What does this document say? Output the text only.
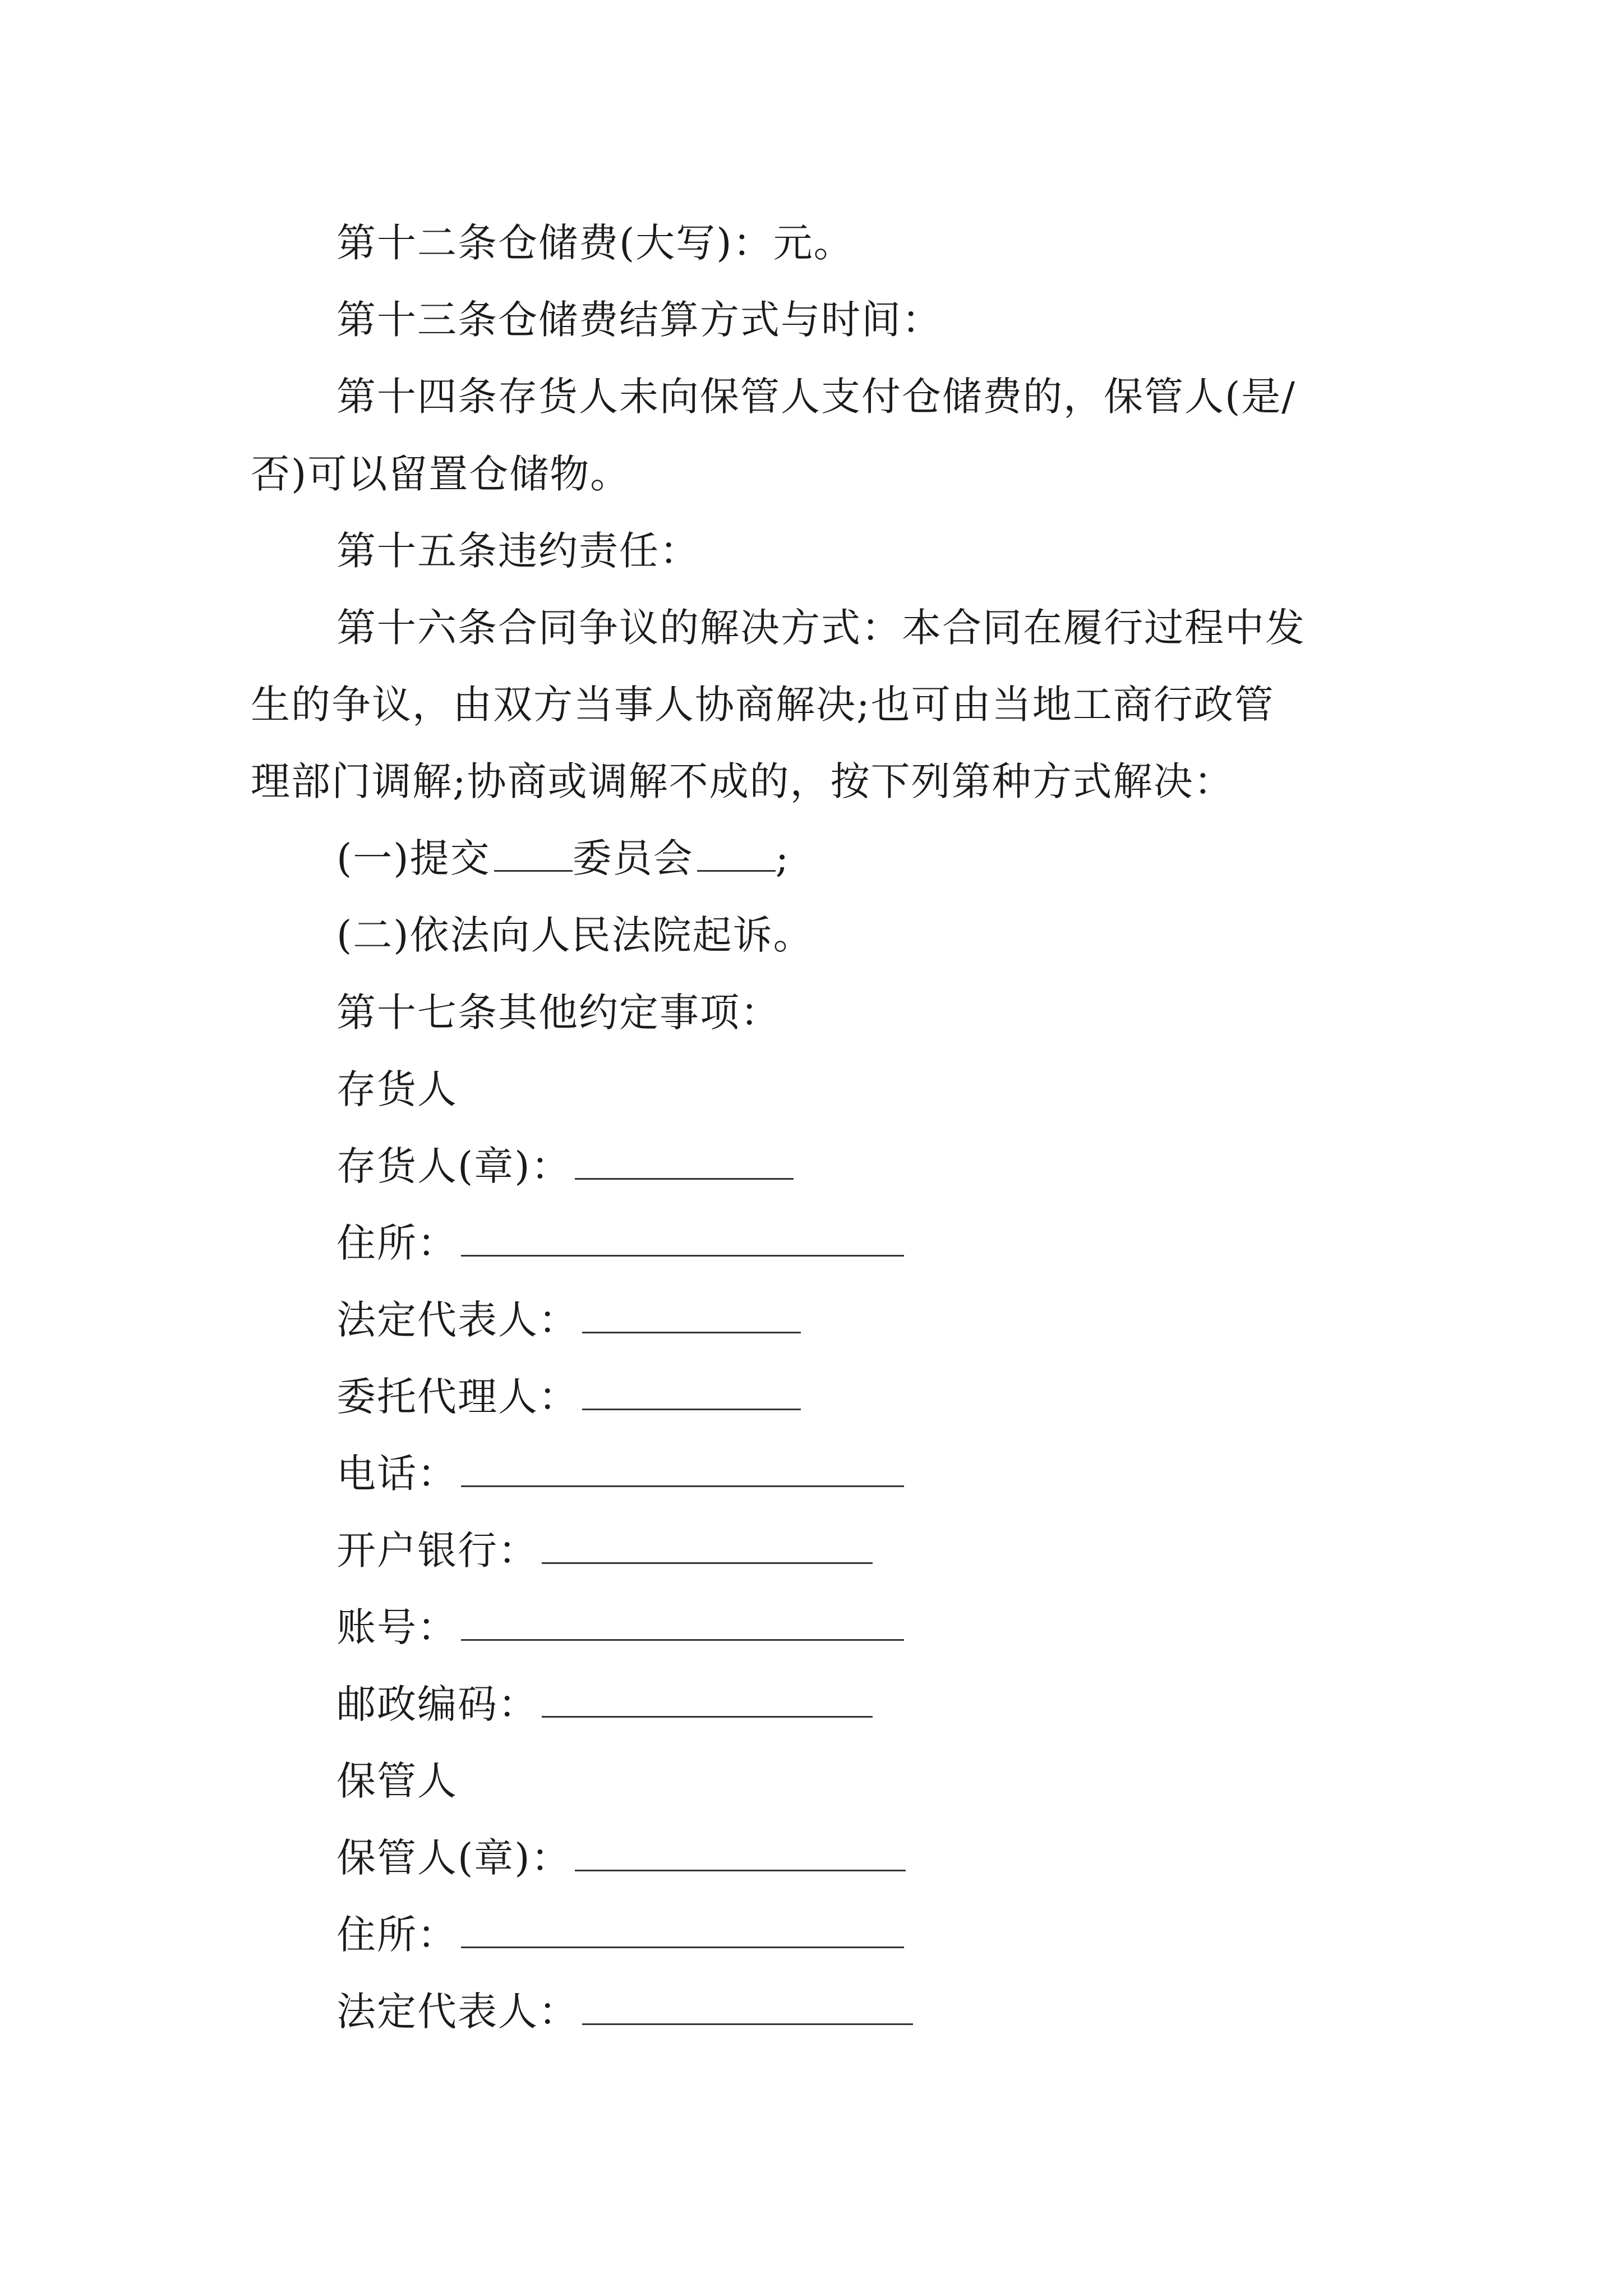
第十二条仓储费(大写)：元。
第十三条仓储费结算方式与时间：
第十四条存货人未向保管人支付仓储费的，保管人(是/
否)可以留置仓储物。
第十五条违约责任：
第十六条合同争议的解决方式：本合同在履行过程中发
生的争议，由双方当事人协商解决;也可由当地工商行政管
理部门调解;协商或调解不成的，按下列第种方式解决：
(一)提交 委员会 ;
(二)依法向人民法院起诉。
第十七条其他约定事项：
存货人
存货人(章)：
住所：
法定代表人：
委托代理人：
电话：
开户银行：
账号：
邮政编码：
保管人
保管人(章)：
住所：
法定代表人：
